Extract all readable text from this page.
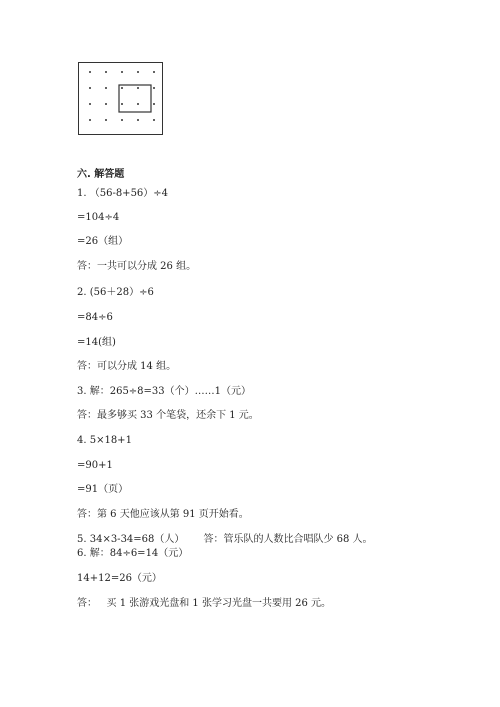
六. 解答题
1. （56-8+56）÷4
=104÷4
=26（组）
答：一共可以分成 26 组。
2. (56＋28）÷6
=84÷6
=14(组)
答：可以分成 14 组。
3. 解：265÷8=33（个）……1（元）
答：最多够买 33 个笔袋，还余下 1 元。
4. 5×18+1
=90+1
=91（页）
答：第 6 天他应该从第 91 页开始看。
5. 34×3-34=68（人）      答：管乐队的人数比合唱队少 68 人。
6. 解：84÷6=14（元）
14+12=26（元）
答：   买 1 张游戏光盘和 1 张学习光盘一共要用 26 元。
